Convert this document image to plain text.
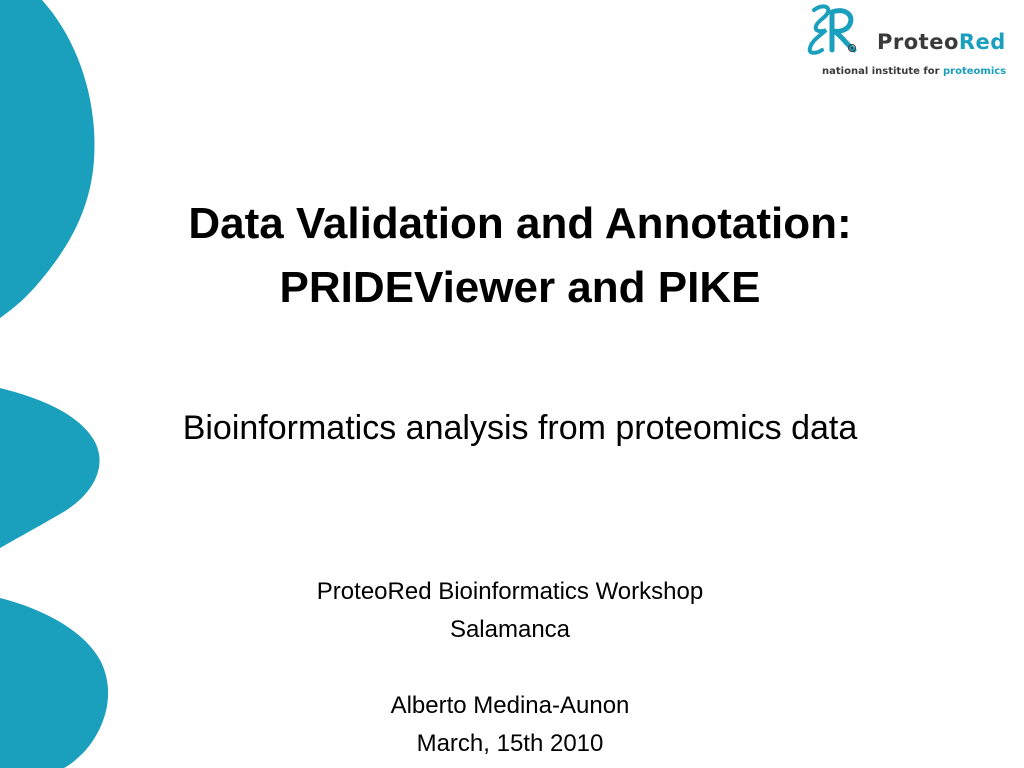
ProteoRed
national institute for proteomics
Data Validation and Annotation:
PRIDEViewer and PIKE
Bioinformatics analysis from proteomics data
ProteoRed Bioinformatics Workshop
Salamanca
Alberto Medina-Aunon
March, 15th 2010
